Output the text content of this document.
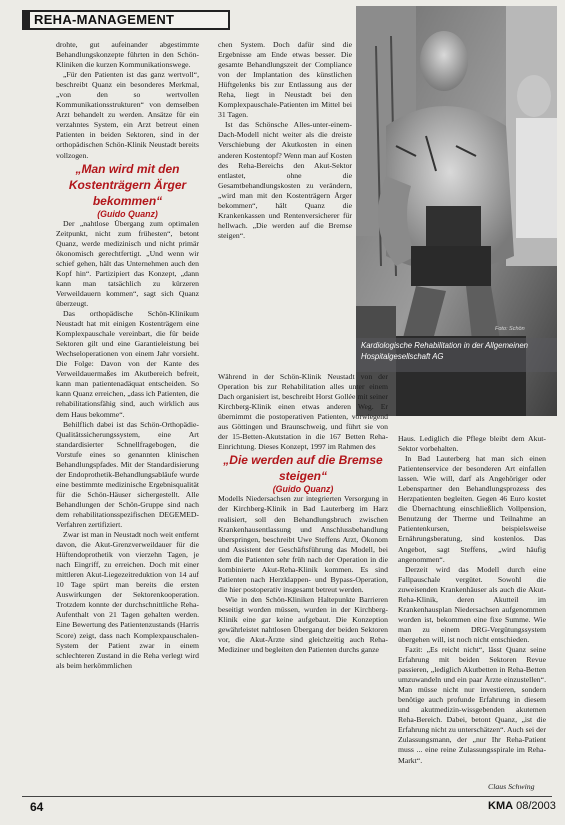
REHA-MANAGEMENT

drohte, gut aufeinander abgestimmte Behandlungskonzepte führten in den Schön-Kliniken die kurzen Kommunikationswege.

„Für den Patienten ist das ganz wertvoll“, beschreibt Quanz ein besonderes Merkmal, „von den so wertvollen Kommunikationsstrukturen“ von demselben Arzt behandelt zu werden. Ansätze für ein verzahntes System, ein Arzt betreut einen Patienten in beiden Sektoren, sind in der orthopädischen Schön-Klinik Neustadt bereits vollzogen.

„Man wird mit den Kostenträgern Ärger bekommen“

(Guido Quanz)

Der „nahtlose Übergang zum optimalen Zeitpunkt, nicht zum frühesten“, betont Quanz, werde medizinisch und nicht primär ökonomisch gerechtfertigt. „Und wenn wir schief gehen, hält das Unternehmen auch den Kopf hin“. Partizipiert das Konzept, „dann kann man tatsächlich zu kürzeren Verweildauern kommen“, sagt sich Quanz überzeugt.

Das orthopädische Schön-Klinikum Neustadt hat mit einigen Kostenträgern eine Komplexpauschale vereinbart, die für beide Sektoren gilt und eine Garantieleistung bei Wechseloperationen von einem Jahr vorsieht. Die Folge: Davon von der Kante des Verweildauermaßes im Akutbereich befreit, kann man patientenadäquat entscheiden. So kann Quanz erreichen, „dass ich Patienten, die rehabilitationsfähig sind, auch wirklich aus dem Haus bekomme“.

Behilflich dabei ist das Schön-Orthopädie-Qualitätssicherungssystem, eine Art standardisierter Schnellfragebogen, die Vorstufe eines so genannten klinischen Behandlungspfades. Mit der Standardisierung der Endoprothetik-Behandlungsabläufe wurde eine bestimmte medizinische Ergebnisqualität für die Schön-Häuser sichergestellt. Alle Behandlungen der Schön-Gruppe sind nach dem rehabilitationsspezifischen DEGEMED-Verfahren zertifiziert.

Zwar ist man in Neustadt noch weit entfernt davon, die Akut-Grenzverweildauer für die Hüftendoprothetik von vierzehn Tagen, je nach Eingriff, zu erreichen. Doch mit einer mittleren Akut-Liegezeitreduktion von 14 auf 10 Tage spürt man bereits die ersten Auswirkungen der Sektorenkooperation. Trotzdem konnte der durchschnittliche Reha-Aufenthalt von 21 Tagen gehalten werden. Eine Bewertung des Patientenzustands (Harris Score) zeigt, dass nach Komplexpauschalen-System der Patient zwar in einem schlechteren Zustand in die Reha verlegt wird als beim herkömmlichen

chen System. Doch dafür sind die Ergebnisse am Ende etwas besser. Die gesamte Behandlungszeit der Compliance von der Implantation des künstlichen Hüftgelenks bis zur Entlassung aus der Reha, liegt in Neustadt bei den Komplexpauschale-Patienten im Mittel bei 31 Tagen.

Ist das Schönsche Alles-unter-einem-Dach-Modell nicht weiter als die dreiste Verschiebung der Akutkosten in einen anderen Kostentopf? Wenn man auf Kosten des Reha-Bereichs den Akut-Sektor entlastet, ohne die Gesamtbehandlungskosten zu verändern, „wird man mit den Kostenträgern Ärger bekommen“, hält Quanz die Krankenkassen und Rentenversicherer für hellwach. „Die werden auf die Bremse steigen“.

Foto: Schön
Kardiologische Rehabilitation in der Allgemeinen Hospitalgesellschaft AG

Während in der Schön-Klinik Neustadt von der Operation bis zur Rehabilitation alles unter einem Dach organisiert ist, beschreibt Horst Gollée mit seiner Kirchberg-Klinik einen etwas anderen Weg. Er übernimmt die postoperativen Patienten, vorwiegend aus Göttingen und Braunschweig, und führt sie von der 15-Betten-Akutstation in die 167 Betten Reha-Einrichtung. Dieses Konzept, 1997 im Rahmen des

„Die werden auf die Bremse steigen“

(Guido Quanz)

Modells Niedersachsen zur integrierten Versorgung in der Kirchberg-Klinik in Bad Lauterberg im Harz realisiert, soll den Behandlungsbruch zwischen Krankenhausentlassung und Anschlussbehandlung überspringen, beschreibt Uwe Steffens Arzt, Ökonom und Assistent der Geschäftsführung das Modell, bei dem die Patienten sehr früh nach der Operation in die kombinierte Akut-Reha-Klinik kommen. Es sind Patienten nach Herzklappen- und Bypass-Operation, die hier postoperativ insgesamt betreut werden.

Wie in den Schön-Kliniken Haltepunkte Barrieren beseitigt worden müssen, wurden in der Kirchberg-Klinik eine gar keine aufgebaut. Die Konzeption gewährleistet nahtlosen Übergang der beiden Sektoren vor, die Akut-Ärzte sind gleichzeitig auch Reha-Mediziner und begleiten den Patienten durchs ganze

Haus. Lediglich die Pflege bleibt dem Akut-Sektor vorbehalten.

In Bad Lauterberg hat man sich einen Patientenservice der besonderen Art einfallen lassen. Wie will, darf als Angehöriger oder Lebenspartner den Behandlungsprozess des Herzpatienten begleiten. Gegen 46 Euro kostet die Übernachtung einschließlich Vollpension, Benutzung der Therme und Teilnahme an Patientenkursen, beispielsweise Ernährungsberatung, sind kostenlos. Das Angebot, sagt Steffens, „wird häufig angenommen“.

Derzeit wird das Modell durch eine Fallpauschale vergütet. Sowohl die zuweisenden Krankenhäuser als auch die Akut-Reha-Klinik, deren Akutteil im Krankenhausplan Niedersachsen aufgenommen worden ist, bekommen eine fixe Summe. Wie man zu einem DRG-Vergütungssystem übergehen will, ist noch nicht entschieden.

Fazit: „Es reicht nicht“, lässt Quanz seine Erfahrung mit beiden Sektoren Revue passieren, „lediglich Akutbetten in Reha-Betten umzuwandeln und ein paar Ärzte einzustellen“. Man müsse nicht nur investieren, sondern benötige auch profunde Erfahrung in diesem und akutmedizin-wissgebenden akutemen Reha-Bereich. Dabei, betont Quanz, „ist die Erfahrung nicht zu unterschätzen“. Auch sei der Zulassungsmann, der „nur Ihr Reha-Patient muss ... eine reine Zulassungsspirale im Reha-Markt“.

Claus Schwing
64	KMA 08/2003
